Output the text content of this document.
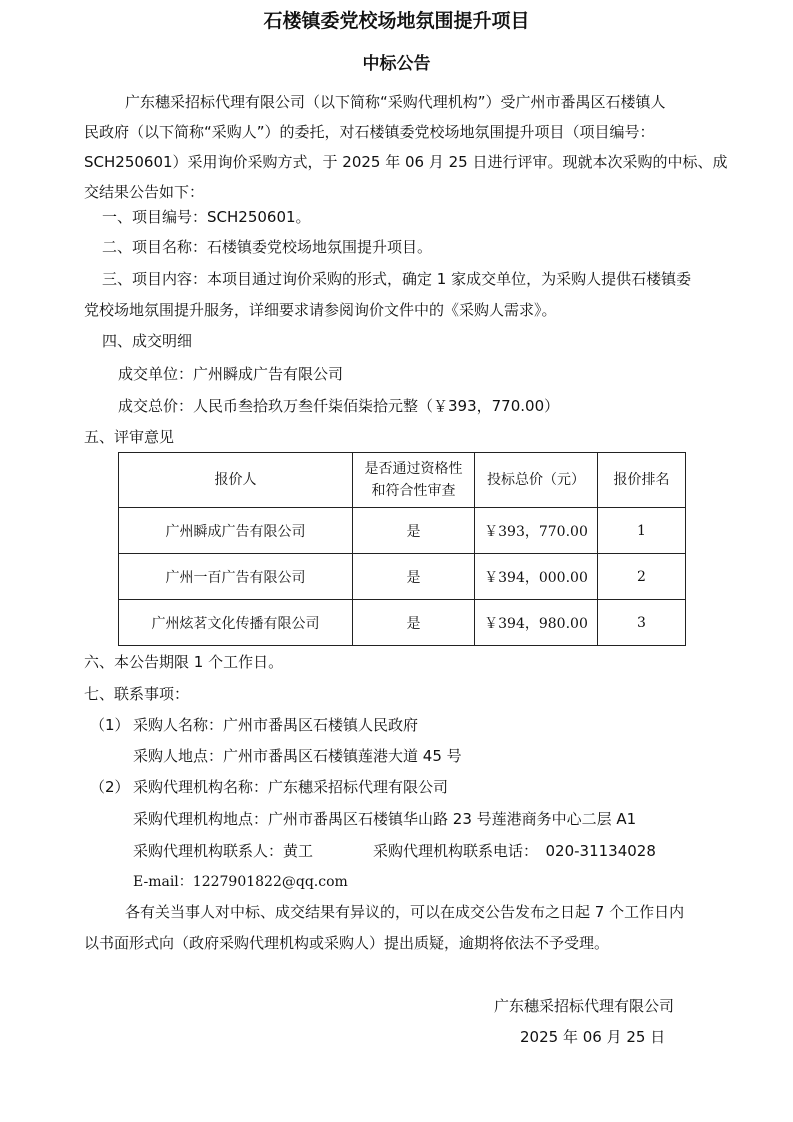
石楼镇委党校场地氛围提升项目
中标公告
广东穗采招标代理有限公司（以下简称“采购代理机构”）受广州市番禺区石楼镇人
民政府（以下简称“采购人”）的委托，对石楼镇委党校场地氛围提升项目（项目编号：
SCH250601）采用询价采购方式，于 2025 年 06 月 25 日进行评审。现就本次采购的中标、成
交结果公告如下：
一、项目编号：SCH250601。
二、项目名称：石楼镇委党校场地氛围提升项目。
三、项目内容：本项目通过询价采购的形式，确定 1 家成交单位，为采购人提供石楼镇委
党校场地氛围提升服务，详细要求请参阅询价文件中的《采购人需求》。
四、成交明细
成交单位：广州瞬成广告有限公司
成交总价：人民币叁拾玖万叁仟柒佰柒拾元整（￥393，770.00）
五、评审意见
报价人	是否通过资格性
和符合性审查	投标总价（元）	报价排名
广州瞬成广告有限公司	是	￥393，770.00	1
广州一百广告有限公司	是	￥394，000.00	2
广州炫茗文化传播有限公司	是	￥394，980.00	3
六、本公告期限 1 个工作日。
七、联系事项：
（1） 采购人名称：广州市番禺区石楼镇人民政府
采购人地点：广州市番禺区石楼镇莲港大道 45 号
（2） 采购代理机构名称：广东穗采招标代理有限公司
采购代理机构地点：广州市番禺区石楼镇华山路 23 号莲港商务中心二层 A1
采购代理机构联系人：黄工	采购代理机构联系电话：　020-31134028
E-mail：1227901822@qq.com
各有关当事人对中标、成交结果有异议的，可以在成交公告发布之日起 7 个工作日内
以书面形式向（政府采购代理机构或采购人）提出质疑，逾期将依法不予受理。
广东穗采招标代理有限公司
2025 年 06 月 25 日
